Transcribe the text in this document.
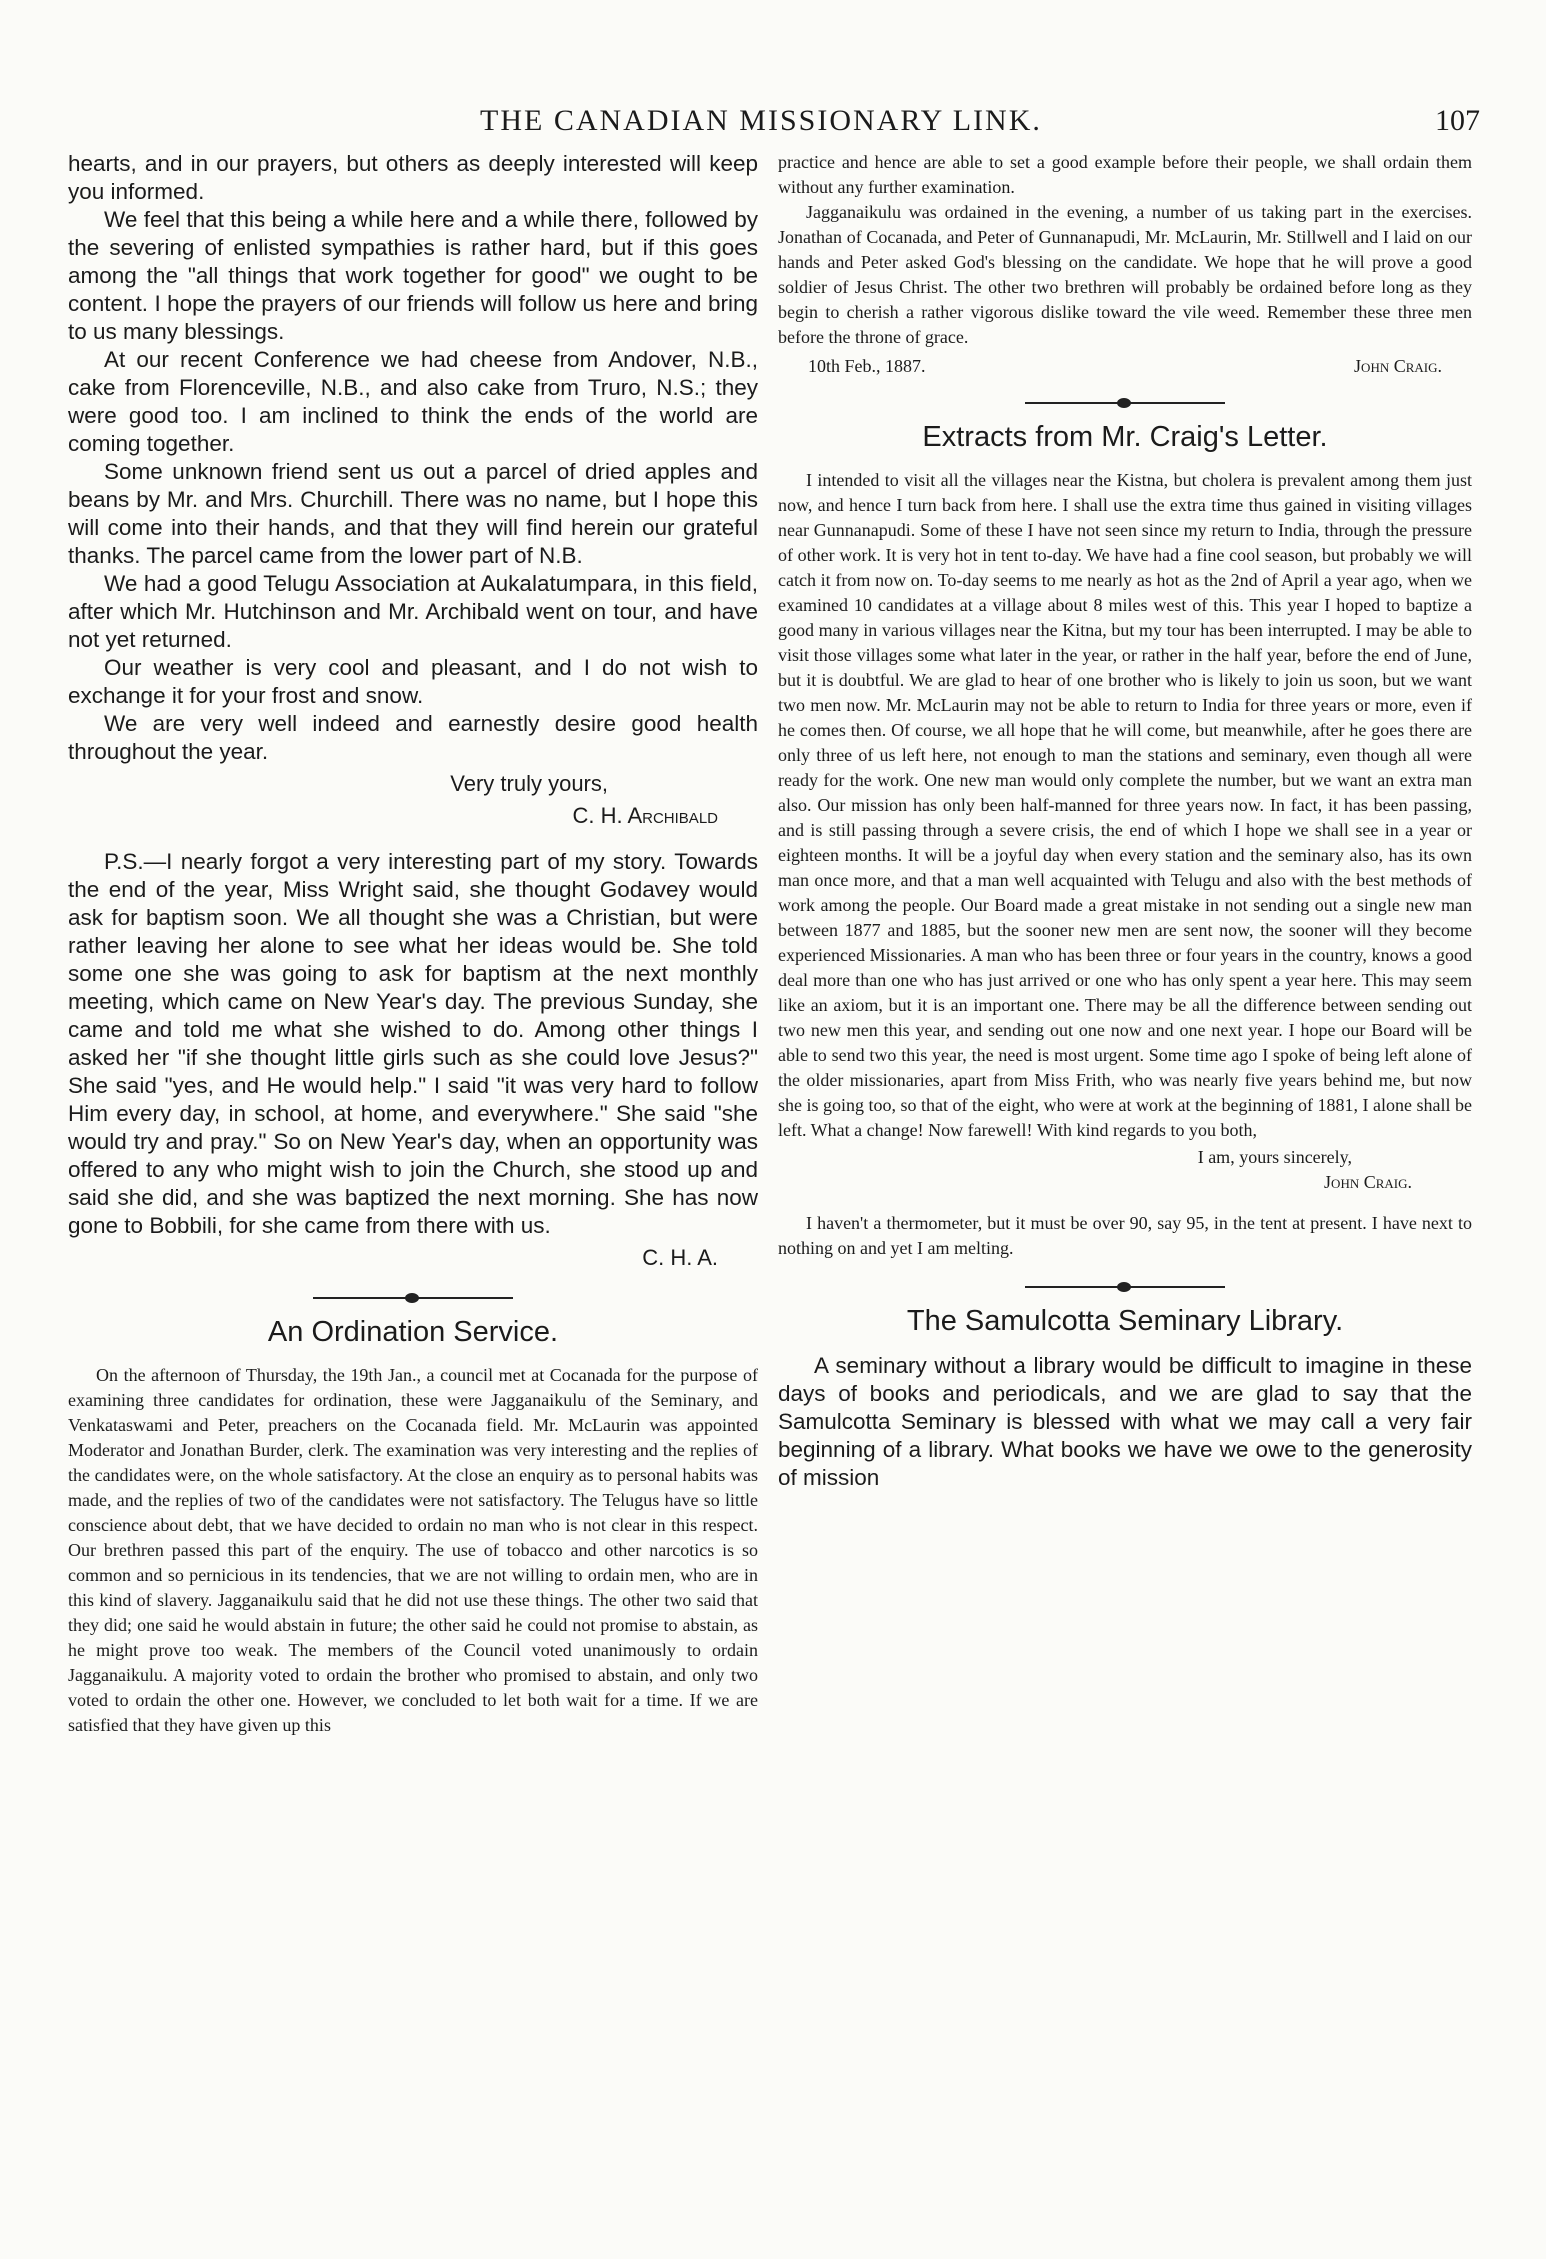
THE CANADIAN MISSIONARY LINK.	107

hearts, and in our prayers, but others as deeply interested will keep you informed.

We feel that this being a while here and a while there, followed by the severing of enlisted sympathies is rather hard, but if this goes among the "all things that work together for good" we ought to be content. I hope the prayers of our friends will follow us here and bring to us many blessings.

At our recent Conference we had cheese from Andover, N.B., cake from Florenceville, N.B., and also cake from Truro, N.S.; they were good too. I am inclined to think the ends of the world are coming together.

Some unknown friend sent us out a parcel of dried apples and beans by Mr. and Mrs. Churchill. There was no name, but I hope this will come into their hands, and that they will find herein our grateful thanks. The parcel came from the lower part of N.B.

We had a good Telugu Association at Aukalatumpara, in this field, after which Mr. Hutchinson and Mr. Archibald went on tour, and have not yet returned.

Our weather is very cool and pleasant, and I do not wish to exchange it for your frost and snow.

We are very well indeed and earnestly desire good health throughout the year.

Very truly yours,
C. H. Archibald

P.S.—I nearly forgot a very interesting part of my story. Towards the end of the year, Miss Wright said, she thought Godavey would ask for baptism soon. We all thought she was a Christian, but were rather leaving her alone to see what her ideas would be. She told some one she was going to ask for baptism at the next monthly meeting, which came on New Year's day. The previous Sunday, she came and told me what she wished to do. Among other things I asked her "if she thought little girls such as she could love Jesus?" She said "yes, and He would help." I said "it was very hard to follow Him every day, in school, at home, and everywhere." She said "she would try and pray." So on New Year's day, when an opportunity was offered to any who might wish to join the Church, she stood up and said she did, and she was baptized the next morning. She has now gone to Bobbili, for she came from there with us.

C. H. A.
An Ordination Service.

On the afternoon of Thursday, the 19th Jan., a council met at Cocanada for the purpose of examining three candidates for ordination, these were Jagganaikulu of the Seminary, and Venkataswami and Peter, preachers on the Cocanada field. Mr. McLaurin was appointed Moderator and Jonathan Burder, clerk. The examination was very interesting and the replies of the candidates were, on the whole satisfactory. At the close an enquiry as to personal habits was made, and the replies of two of the candidates were not satisfactory. The Telugus have so little conscience about debt, that we have decided to ordain no man who is not clear in this respect. Our brethren passed this part of the enquiry. The use of tobacco and other narcotics is so common and so pernicious in its tendencies, that we are not willing to ordain men, who are in this kind of slavery. Jagganaikulu said that he did not use these things. The other two said that they did; one said he would abstain in future; the other said he could not promise to abstain, as he might prove too weak. The members of the Council voted unanimously to ordain Jagganaikulu. A majority voted to ordain the brother who promised to abstain, and only two voted to ordain the other one. However, we concluded to let both wait for a time. If we are satisfied that they have given up this

practice and hence are able to set a good example before their people, we shall ordain them without any further examination.

Jagganaikulu was ordained in the evening, a number of us taking part in the exercises. Jonathan of Cocanada, and Peter of Gunnanapudi, Mr. McLaurin, Mr. Stillwell and I laid on our hands and Peter asked God's blessing on the candidate. We hope that he will prove a good soldier of Jesus Christ. The other two brethren will probably be ordained before long as they begin to cherish a rather vigorous dislike toward the vile weed. Remember these three men before the throne of grace.

10th Feb., 1887.	John Craig.
Extracts from Mr. Craig's Letter.

I intended to visit all the villages near the Kistna, but cholera is prevalent among them just now, and hence I turn back from here. I shall use the extra time thus gained in visiting villages near Gunnanapudi. Some of these I have not seen since my return to India, through the pressure of other work. It is very hot in tent to-day. We have had a fine cool season, but probably we will catch it from now on. To-day seems to me nearly as hot as the 2nd of April a year ago, when we examined 10 candidates at a village about 8 miles west of this. This year I hoped to baptize a good many in various villages near the Kitna, but my tour has been interrupted. I may be able to visit those villages some what later in the year, or rather in the half year, before the end of June, but it is doubtful. We are glad to hear of one brother who is likely to join us soon, but we want two men now. Mr. McLaurin may not be able to return to India for three years or more, even if he comes then. Of course, we all hope that he will come, but meanwhile, after he goes there are only three of us left here, not enough to man the stations and seminary, even though all were ready for the work. One new man would only complete the number, but we want an extra man also. Our mission has only been half-manned for three years now. In fact, it has been passing, and is still passing through a severe crisis, the end of which I hope we shall see in a year or eighteen months. It will be a joyful day when every station and the seminary also, has its own man once more, and that a man well acquainted with Telugu and also with the best methods of work among the people. Our Board made a great mistake in not sending out a single new man between 1877 and 1885, but the sooner new men are sent now, the sooner will they become experienced Missionaries. A man who has been three or four years in the country, knows a good deal more than one who has just arrived or one who has only spent a year here. This may seem like an axiom, but it is an important one. There may be all the difference between sending out two new men this year, and sending out one now and one next year. I hope our Board will be able to send two this year, the need is most urgent. Some time ago I spoke of being left alone of the older missionaries, apart from Miss Frith, who was nearly five years behind me, but now she is going too, so that of the eight, who were at work at the beginning of 1881, I alone shall be left. What a change! Now farewell! With kind regards to you both,

I am, yours sincerely,
John Craig.

I haven't a thermometer, but it must be over 90, say 95, in the tent at present. I have next to nothing on and yet I am melting.

The Samulcotta Seminary Library.

A seminary without a library would be difficult to imagine in these days of books and periodicals, and we are glad to say that the Samulcotta Seminary is blessed with what we may call a very fair beginning of a library. What books we have we owe to the generosity of mission
